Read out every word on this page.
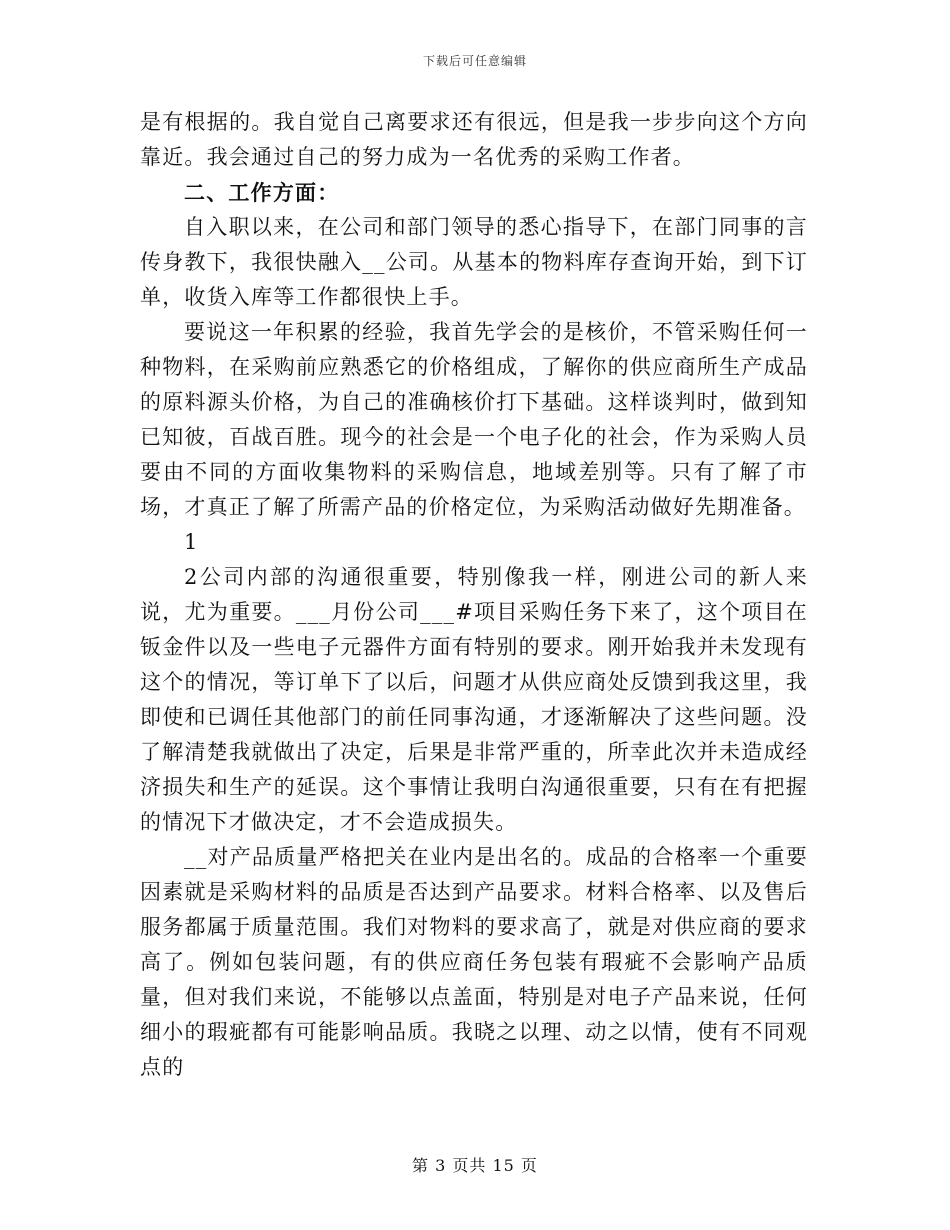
下载后可任意编辑

是有根据的。我自觉自己离要求还有很远，但是我一步步向这个方向靠近。我会通过自己的努力成为一名优秀的采购工作者。

二、工作方面：

自入职以来，在公司和部门领导的悉心指导下，在部门同事的言传身教下，我很快融入__公司。从基本的物料库存查询开始，到下订单，收货入库等工作都很快上手。

要说这一年积累的经验，我首先学会的是核价，不管采购任何一种物料，在采购前应熟悉它的价格组成，了解你的供应商所生产成品的原料源头价格，为自己的准确核价打下基础。这样谈判时，做到知已知彼，百战百胜。现今的社会是一个电子化的社会，作为采购人员要由不同的方面收集物料的采购信息，地域差别等。只有了解了市场，才真正了解了所需产品的价格定位，为采购活动做好先期准备。

1

2公司内部的沟通很重要，特别像我一样，刚进公司的新人来说，尤为重要。___月份公司___#项目采购任务下来了，这个项目在钣金件以及一些电子元器件方面有特别的要求。刚开始我并未发现有这个的情况，等订单下了以后，问题才从供应商处反馈到我这里，我即使和已调任其他部门的前任同事沟通，才逐渐解决了这些问题。没了解清楚我就做出了决定，后果是非常严重的，所幸此次并未造成经济损失和生产的延误。这个事情让我明白沟通很重要，只有在有把握的情况下才做决定，才不会造成损失。

__对产品质量严格把关在业内是出名的。成品的合格率一个重要因素就是采购材料的品质是否达到产品要求。材料合格率、以及售后服务都属于质量范围。我们对物料的要求高了，就是对供应商的要求高了。例如包装问题，有的供应商任务包装有瑕疵不会影响产品质量，但对我们来说，不能够以点盖面，特别是对电子产品来说，任何细小的瑕疵都有可能影响品质。我晓之以理、动之以情，使有不同观点的

第 3 页共 15 页
